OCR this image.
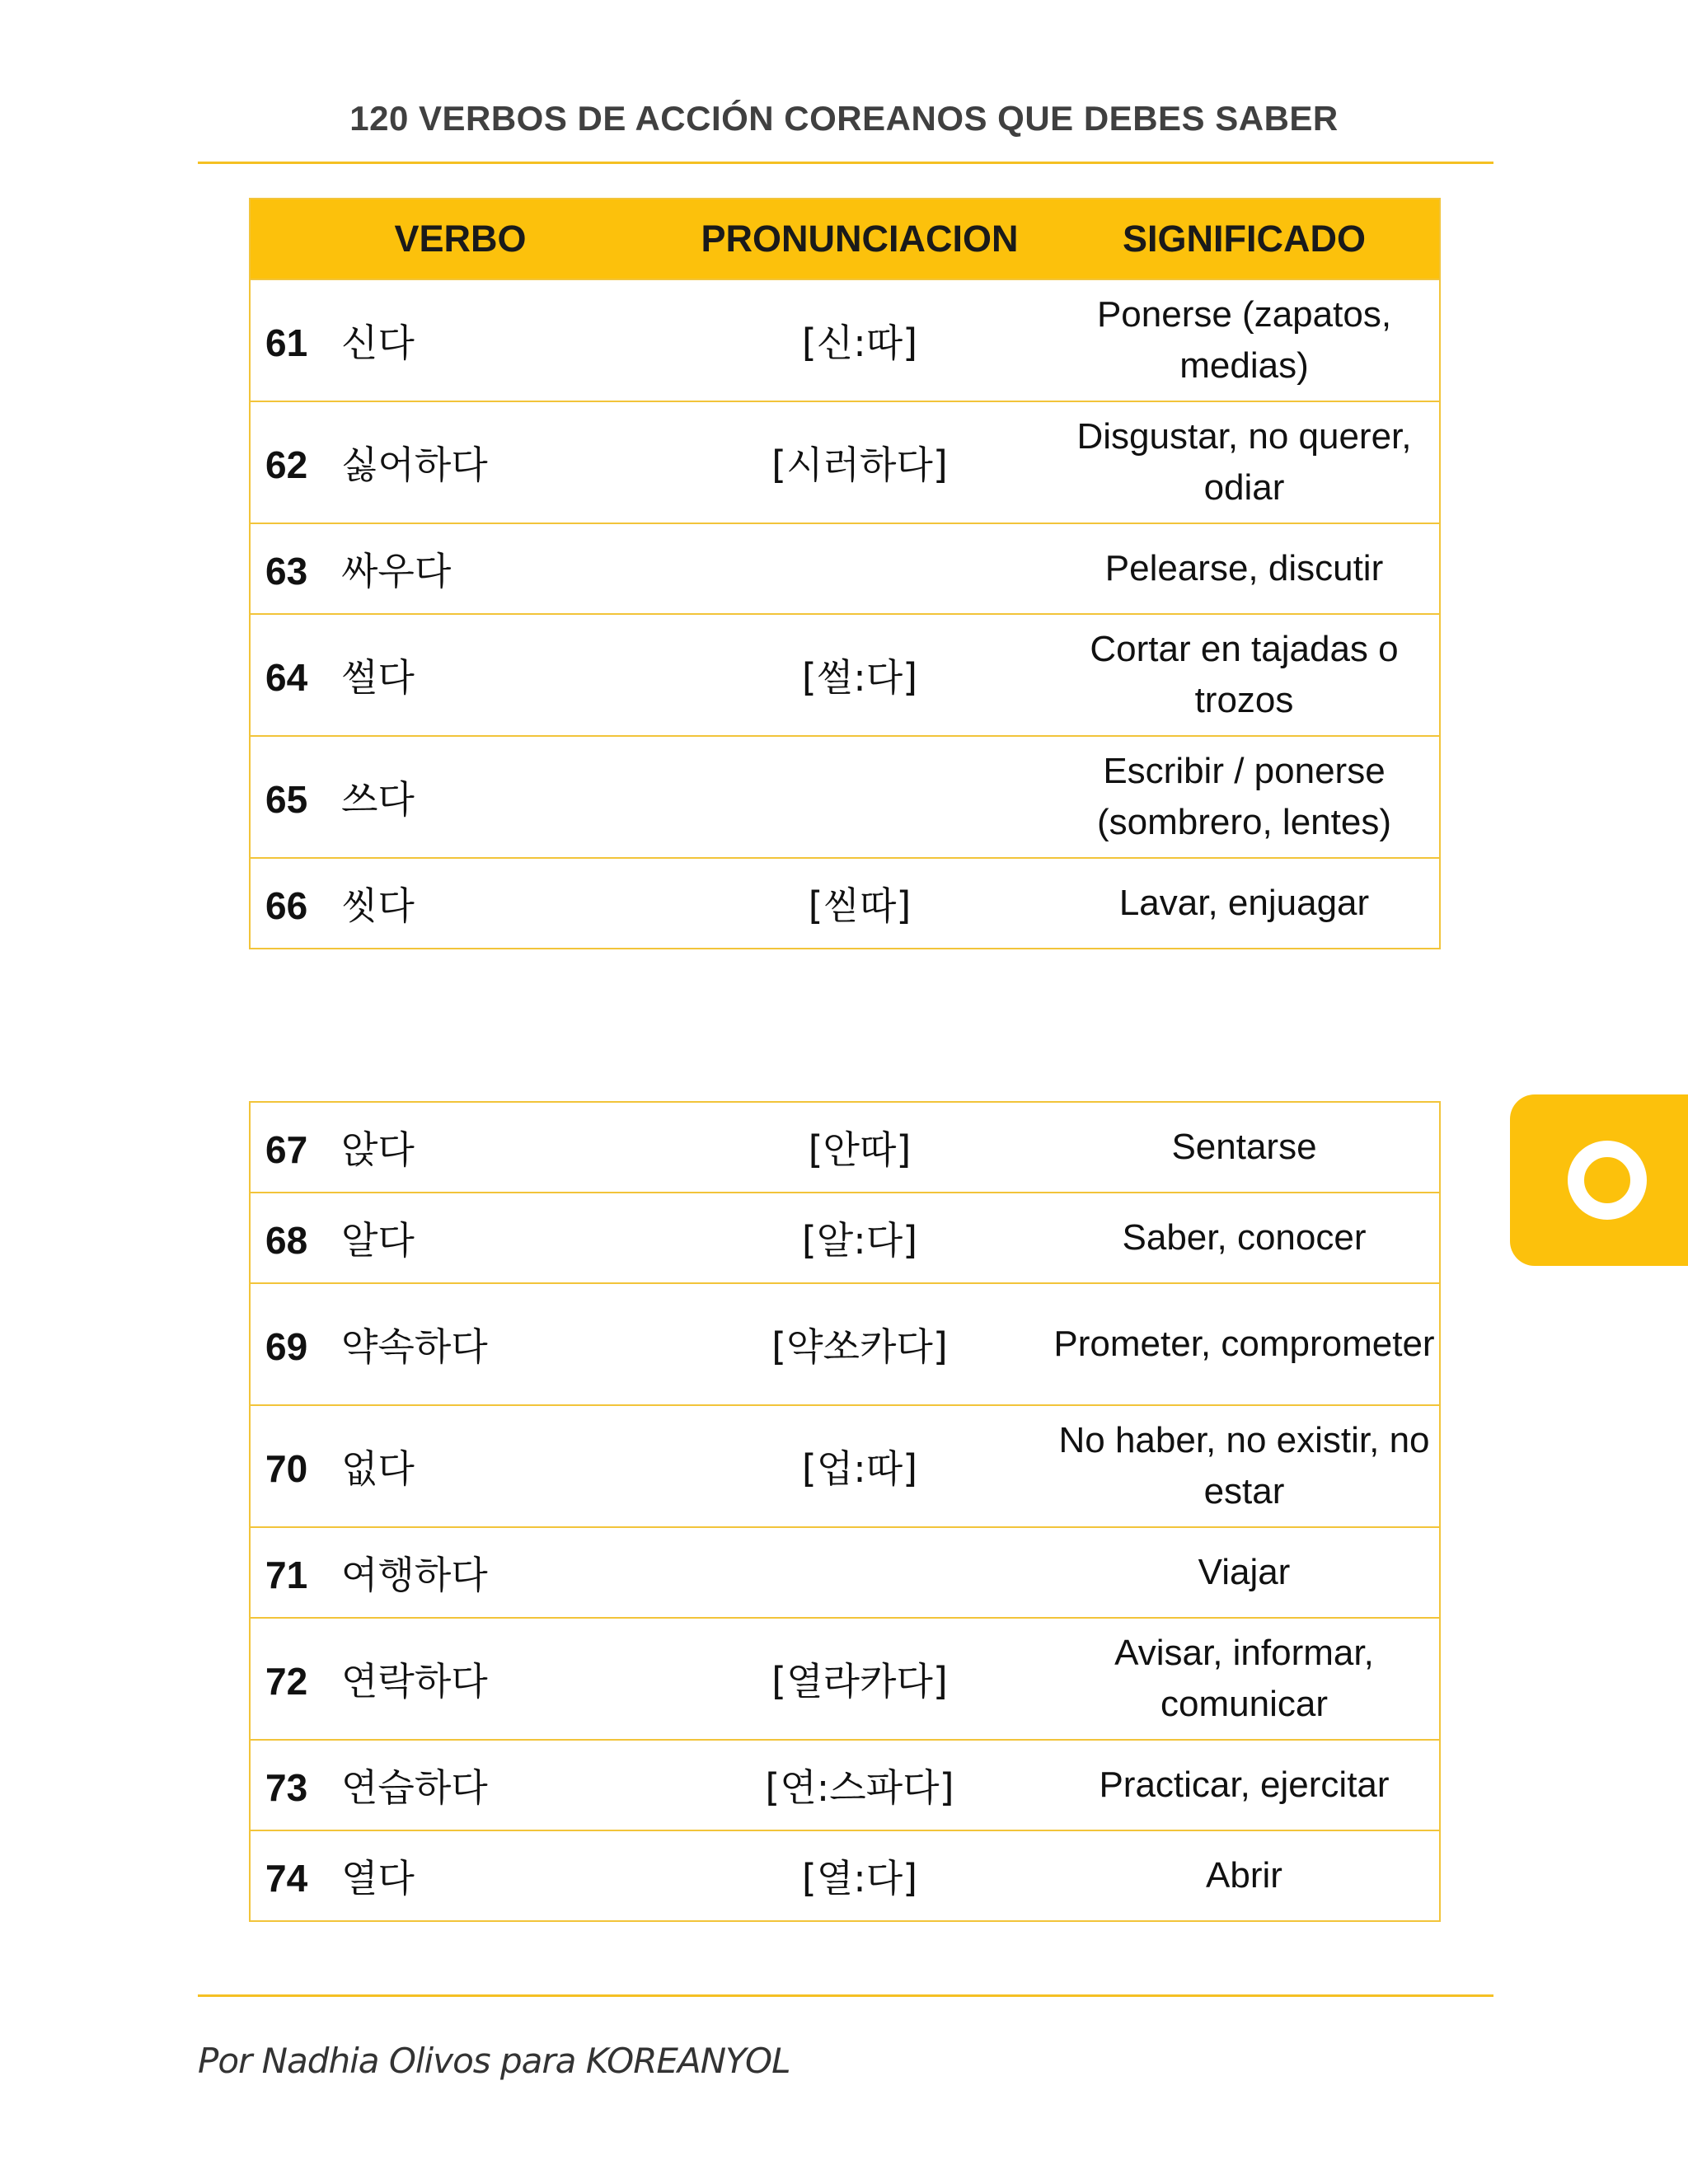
120 VERBOS DE ACCIÓN COREANOS QUE DEBES SABER
VERBO	PRONUNCIACION	SIGNIFICADO
61 신다	[신:따]	Ponerse (zapatos, medias)
62 싫어하다	[시러하다]	Disgustar, no querer, odiar
63 싸우다		Pelearse, discutir
64 썰다	[썰:다]	Cortar en tajadas o trozos
65 쓰다		Escribir / ponerse (sombrero, lentes)
66 씻다	[씯따]	Lavar, enjuagar
67 앉다	[안따]	Sentarse
68 알다	[알:다]	Saber, conocer
69 약속하다	[약쏘카다]	Prometer, comprometer
70 없다	[업:따]	No haber, no existir, no estar
71 여행하다		Viajar
72 연락하다	[열라카다]	Avisar, informar, comunicar
73 연습하다	[연:스파다]	Practicar, ejercitar
74 열다	[열:다]	Abrir
Por Nadhia Olivos para KOREANYOL
